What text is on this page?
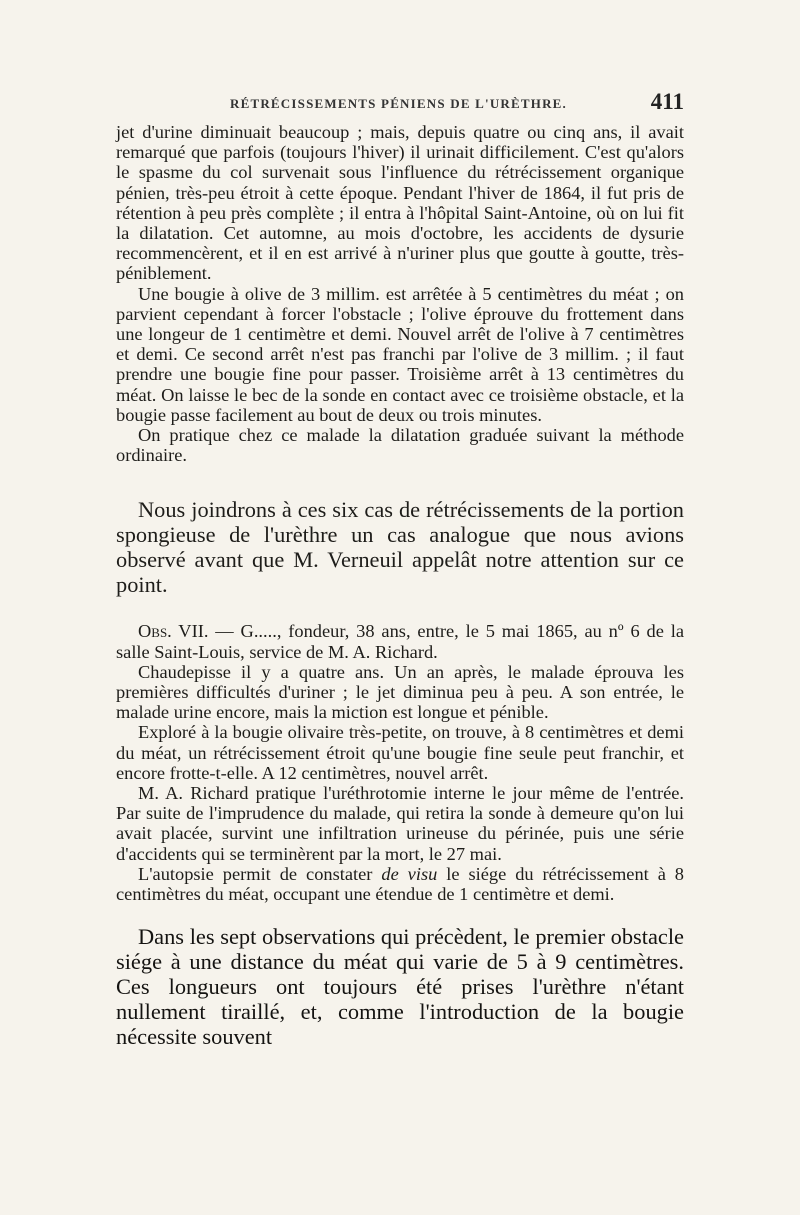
RÉTRÉCISSEMENTS PÉNIENS DE L'URÈTHRE.	411

jet d'urine diminuait beaucoup ; mais, depuis quatre ou cinq ans, il avait remarqué que parfois (toujours l'hiver) il urinait difficilement. C'est qu'alors le spasme du col survenait sous l'influence du rétrécissement organique pénien, très-peu étroit à cette époque. Pendant l'hiver de 1864, il fut pris de rétention à peu près complète ; il entra à l'hôpital Saint-Antoine, où on lui fit la dilatation. Cet automne, au mois d'octobre, les accidents de dysurie recommencèrent, et il en est arrivé à n'uriner plus que goutte à goutte, très-péniblement.

Une bougie à olive de 3 millim. est arrêtée à 5 centimètres du méat ; on parvient cependant à forcer l'obstacle ; l'olive éprouve du frottement dans une longeur de 1 centimètre et demi. Nouvel arrêt de l'olive à 7 centimètres et demi. Ce second arrêt n'est pas franchi par l'olive de 3 millim. ; il faut prendre une bougie fine pour passer. Troisième arrêt à 13 centimètres du méat. On laisse le bec de la sonde en contact avec ce troisième obstacle, et la bougie passe facilement au bout de deux ou trois minutes.

On pratique chez ce malade la dilatation graduée suivant la méthode ordinaire.

Nous joindrons à ces six cas de rétrécissements de la portion spongieuse de l'urèthre un cas analogue que nous avions observé avant que M. Verneuil appelât notre attention sur ce point.

Obs. VII. — G....., fondeur, 38 ans, entre, le 5 mai 1865, au nº 6 de la salle Saint-Louis, service de M. A. Richard.

Chaudepisse il y a quatre ans. Un an après, le malade éprouva les premières difficultés d'uriner ; le jet diminua peu à peu. A son entrée, le malade urine encore, mais la miction est longue et pénible.

Exploré à la bougie olivaire très-petite, on trouve, à 8 centimètres et demi du méat, un rétrécissement étroit qu'une bougie fine seule peut franchir, et encore frotte-t-elle. A 12 centimètres, nouvel arrêt.

M. A. Richard pratique l'uréthrotomie interne le jour même de l'entrée. Par suite de l'imprudence du malade, qui retira la sonde à demeure qu'on lui avait placée, survint une infiltration urineuse du périnée, puis une série d'accidents qui se terminèrent par la mort, le 27 mai.

L'autopsie permit de constater de visu le siége du rétrécissement à 8 centimètres du méat, occupant une étendue de 1 centimètre et demi.

Dans les sept observations qui précèdent, le premier obstacle siége à une distance du méat qui varie de 5 à 9 centimètres. Ces longueurs ont toujours été prises l'urèthre n'étant nullement tiraillé, et, comme l'introduction de la bougie nécessite souvent
